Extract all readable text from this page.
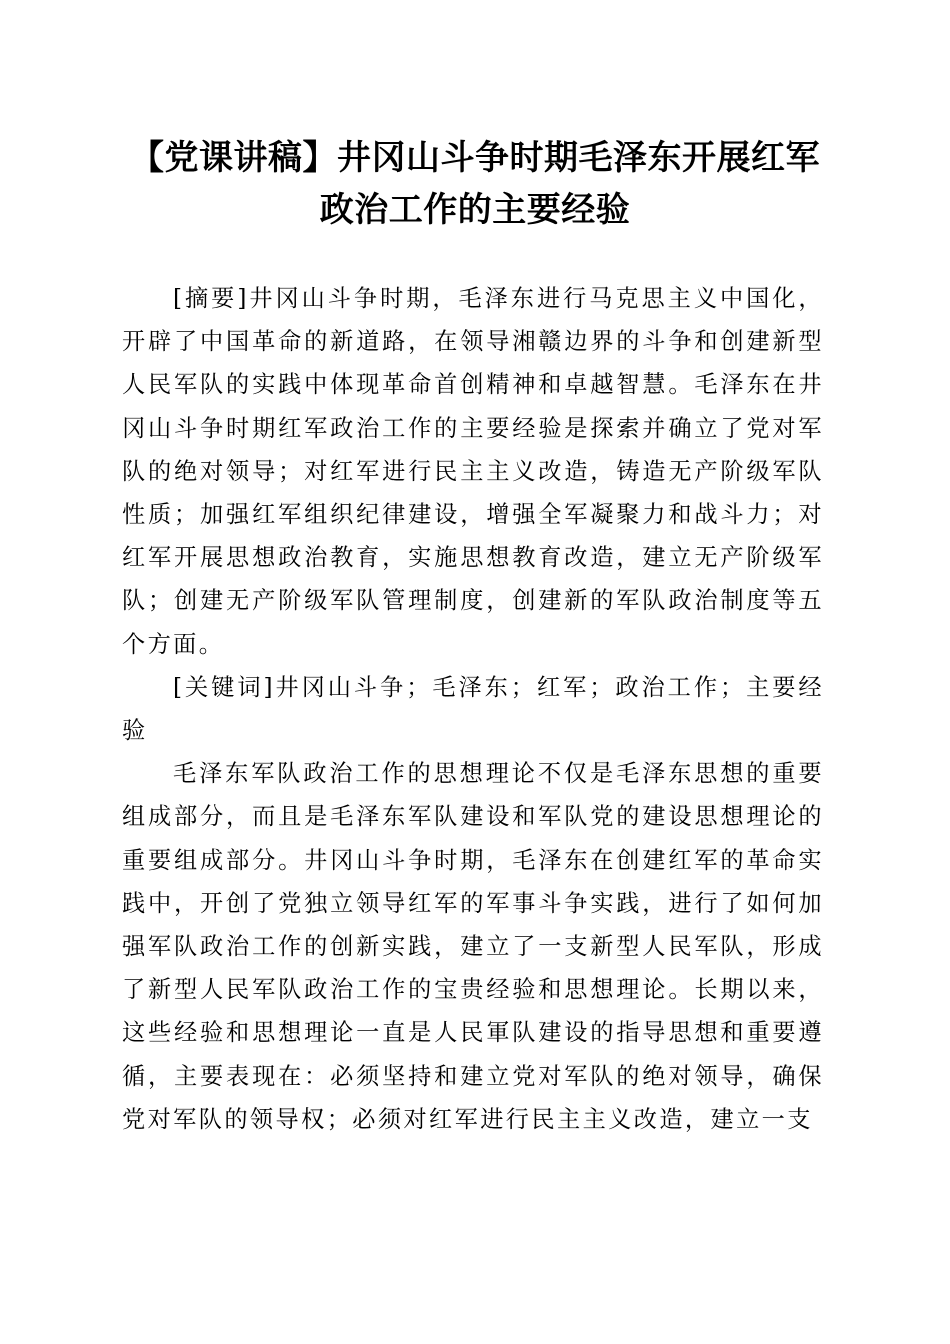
【党课讲稿】井冈山斗争时期毛泽东开展红军
政治工作的主要经验

[摘要]井冈山斗争时期，毛泽东进行马克思主义中国化，开辟了中国革命的新道路，在领导湘赣边界的斗争和创建新型人民军队的实践中体现革命首创精神和卓越智慧。毛泽东在井冈山斗争时期红军政治工作的主要经验是探索并确立了党对军队的绝对领导；对红军进行民主主义改造，铸造无产阶级军队性质；加强红军组织纪律建设，增强全军凝聚力和战斗力；对红军开展思想政治教育，实施思想教育改造，建立无产阶级军队；创建无产阶级军队管理制度，创建新的军队政治制度等五个方面。

[关键词]井冈山斗争；毛泽东；红军；政治工作；主要经验

毛泽东军队政治工作的思想理论不仅是毛泽东思想的重要组成部分，而且是毛泽东军队建设和军队党的建设思想理论的重要组成部分。井冈山斗争时期，毛泽东在创建红军的革命实践中，开创了党独立领导红军的军事斗争实践，进行了如何加强军队政治工作的创新实践，建立了一支新型人民军队，形成了新型人民军队政治工作的宝贵经验和思想理论。长期以来，这些经验和思想理论一直是人民軍队建设的指导思想和重要遵循，主要表现在：必须坚持和建立党对军队的绝对领导，确保党对军队的领导权；必须对红军进行民主主义改造，建立一支
